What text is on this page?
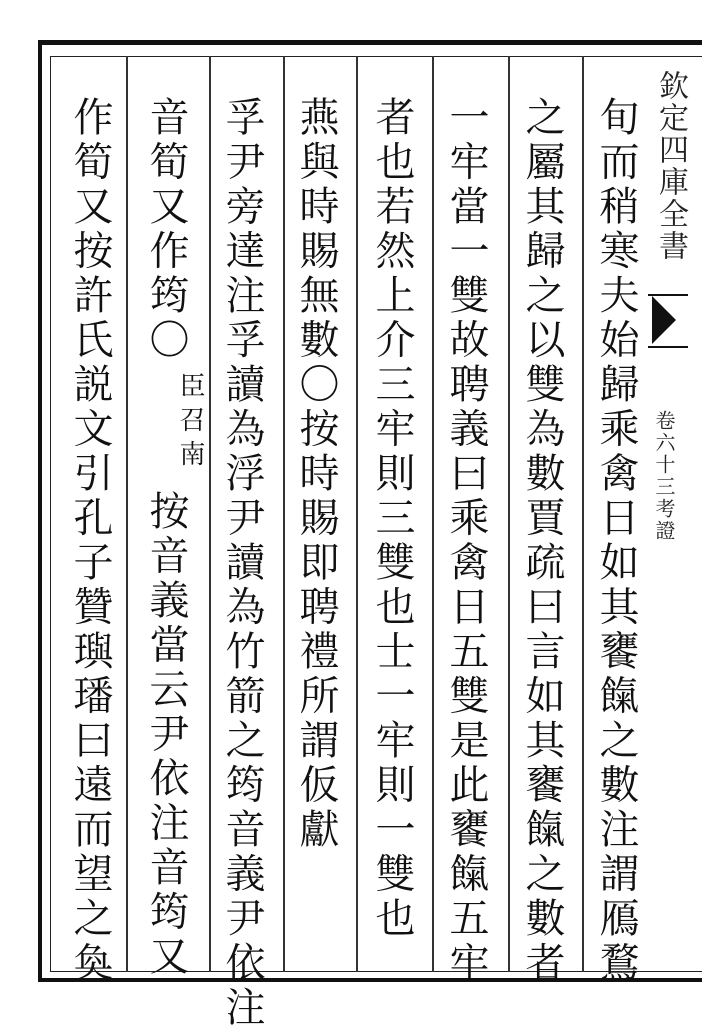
欽定四庫全書
卷六十三考證
旬而稍寒夫始歸乘禽日如其饔餼之數注謂鴈鶩
之屬其歸之以雙為數賈疏曰言如其饔餼之數者
一牢當一雙故聘義曰乘禽日五雙是此饔餼五牢
者也若然上介三牢則三雙也士一牢則一雙也
燕與時賜無數〇按時賜即聘禮所謂仮獻
孚尹旁達注孚讀為浮尹讀為竹箭之筠音義尹依注
音筍又作筠〇
臣召南
按音義當云尹依注音筠又
作筍又按許氏説文引孔子贊璵璠曰遠而望之奐
